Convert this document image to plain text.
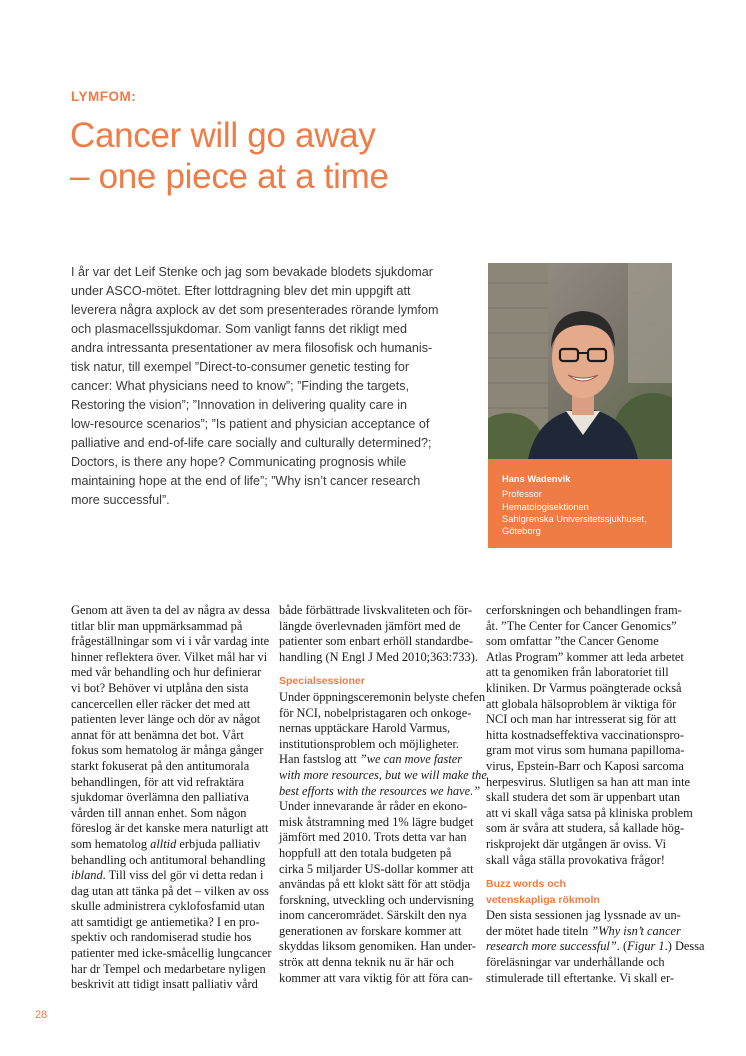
LYMFOM:
Cancer will go away
– one piece at a time
I år var det Leif Stenke och jag som bevakade blodets sjukdomar
under ASCO-mötet. Efter lottdragning blev det min uppgift att
leverera några axplock av det som presenterades rörande lymfom
och plasmacellssjukdomar. Som vanligt fanns det riklig​t med
andra intressanta presentationer av mera filosofisk och humanis-
tisk natur, till exempel ”Direct-to-consumer genetic testing for
cancer: What physicians need to know”; ”Finding the targets,
Restoring the vision”; ”Innovation in delivering quality care in
low-resource scenarios”; ”Is patient and physician acceptance of
palliative and end-of-life care socially and culturally determined?;
Doctors, is there any hope? Communicating prognosis while
maintaining hope at the end of life”; ”Why isn’t cancer research
more successful”.
Hans Wadenvik
Professor
Hematologisektionen
Sahlgrenska Universitetssjukhuset,
Göteborg
Genom att även ta del av några av dessa
titlar blir man uppmärksammad på
frågeställningar som vi i vår vardag inte
hinner reflektera över. Vilket mål har vi
med vår behandling och hur definierar
vi bot? Behöver vi utplåna den sista
cancercellen eller räcker det med att
patienten lever länge och dör av något
annat för att benämna det bot. Vårt
fokus som hematolog är många gånger
starkt fokuserat på den antitumorala
behandlingen, för att vid refraktära
sjukdomar överlämna den palliativa
vården till annan enhet. Som någon
föreslog är det kanske mera naturligt att
som hematolog alltid erbjuda palliativ
behandling och antitumoral behandling
ibland. Till viss del gör vi detta redan i
dag utan att tänka på det – vilken av oss
skulle administrera cyklofosfamid utan
att samtidigt ge antiemetika? I en pro-
spektiv och randomiserad studie hos
patienter med icke-småcellig lungcancer
har dr Tempel och medarbetare nyligen
beskrivit att tidigt insatt palliativ vård
både förbättrade livskvaliteten och för-
längde överlevnaden jämfört med de
patienter som enbart erhöll standardbe-
handling (N Engl J Med 2010;363:733).
Specialsessioner
Under öppningsceremonin belyste chefen
för NCI, nobelpristagaren och onkoge-
nernas upptäckare Harold Varmus,
institutionsproblem och möjligheter.
Han fastslog att ”we can move faster
with more resources, but we will make the
best efforts with the resources we have.”
Under innevarande år råder en ekono-
misk åtstramning med 1% lägre budget
jämfört med 2010. Trots detta var han
hoppfull att den totala budgeten på
cirka 5 miljarder US-dollar kommer att
användas på ett klokt sätt för att stödja
forskning, utveckling och undervisning
inom canceromrädet. Särskilt den nya
generationen av forskare kommer att
skyddas liksom genomiken. Han under-
ströк att denna teknik nu är här och
kommer att vara viktig för att föra can-
cerforskningen och behandlingen fram-
åt. ”The Center for Cancer Genomics”
som omfattar ”the Cancer Genome
Atlas Program” kommer att leda arbetet
att ta genomiken från laboratoriet till
kliniken. Dr Varmus poängterade också
att globala hälsoproblem är viktiga för
NCI och man har intresserat sig för att
hitta kostnadseffektiva vaccinationspro-
gram mot virus som humana papilloma-
virus, Epstein-Barr och Kaposi sarcoma
herpesvirus. Slutligen sa han att man inte
skall studera det som är uppenbart utan
att vi skall våga satsa på kliniska problem
som är svåra att studera, så kallade hög-
riskprojekt där utgången är oviss. Vi
skall våga ställa provokativa frågor!
Buzz words och
vetenskapliga rökmoln
Den sista sessionen jag lyssnade av un-
der mötet hade titeln ”Why isn’t cancer
research more successful”. (Figur 1.) Dessa
föreläsningar var underhållande och
stimulerade till eftertanke. Vi skall er-
28
